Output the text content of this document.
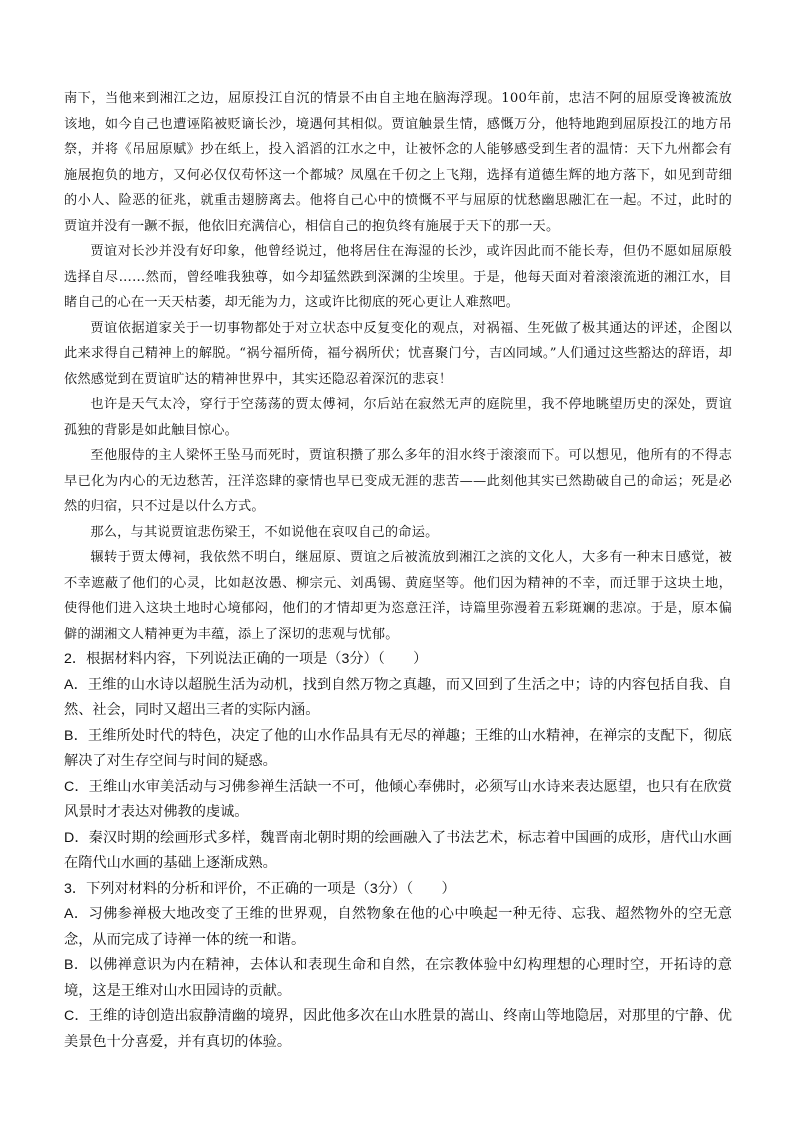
南下，当他来到湘江之边，屈原投江自沉的情景不由自主地在脑海浮现。100年前，忠洁不阿的屈原受谗被流放该地，如今自己也遭诬陷被贬谪长沙，境遇何其相似。贾谊触景生情，感慨万分，他特地跑到屈原投江的地方吊祭，并将《吊屈原赋》抄在纸上，投入滔滔的江水之中，让被怀念的人能够感受到生者的温情：天下九州都会有施展抱负的地方，又何必仅仅苟怀这一个都城？凤凰在千仞之上飞翔，选择有道德生辉的地方落下，如见到苛细的小人、险恶的征兆，就重击翅膀离去。他将自己心中的愤慨不平与屈原的忧愁幽思融汇在一起。不过，此时的贾谊并没有一蹶不振，他依旧充满信心，相信自己的抱负终有施展于天下的那一天。

贾谊对长沙并没有好印象，他曾经说过，他将居住在海湿的长沙，或许因此而不能长寿，但仍不愿如屈原般选择自尽……然而，曾经唯我独尊，如今却猛然跌到深渊的尘埃里。于是，他每天面对着滚滚流逝的湘江水，目睹自己的心在一天天枯萎，却无能为力，这或许比彻底的死心更让人难熬吧。

贾谊依据道家关于一切事物都处于对立状态中反复变化的观点，对祸福、生死做了极其通达的评述，企图以此来求得自己精神上的解脱。“祸兮福所倚，福兮祸所伏；忧喜聚门兮，吉凶同域。”人们通过这些豁达的辞语，却依然感觉到在贾谊旷达的精神世界中，其实还隐忍着深沉的悲哀！

也许是天气太冷，穿行于空荡荡的贾太傅祠，尔后站在寂然无声的庭院里，我不停地眺望历史的深处，贾谊孤独的背影是如此触目惊心。

至他服侍的主人梁怀王坠马而死时，贾谊积攒了那么多年的泪水终于滚滚而下。可以想见，他所有的不得志早已化为内心的无边愁苦，汪洋恣肆的豪情也早已变成无涯的悲苦——此刻他其实已然勘破自己的命运；死是必然的归宿，只不过是以什么方式。

那么，与其说贾谊悲伤梁王，不如说他在哀叹自己的命运。

辗转于贾太傅祠，我依然不明白，继屈原、贾谊之后被流放到湘江之滨的文化人，大多有一种末日感觉，被不幸遮蔽了他们的心灵，比如赵汝愚、柳宗元、刘禹锡、黄庭坚等。他们因为精神的不幸，而迁罪于这块土地，使得他们进入这块土地时心境郁闷，他们的才情却更为恣意汪洋，诗篇里弥漫着五彩斑斓的悲凉。于是，原本偏僻的湖湘文人精神更为丰蕴，添上了深切的悲观与忧郁。

2．根据材料内容，下列说法正确的一项是（3分）（　　）

A．王维的山水诗以超脱生活为动机，找到自然万物之真趣，而又回到了生活之中；诗的内容包括自我、自然、社会，同时又超出三者的实际内涵。

B．王维所处时代的特色，决定了他的山水作品具有无尽的禅趣；王维的山水精神，在禅宗的支配下，彻底解决了对生存空间与时间的疑惑。

C．王维山水审美活动与习佛参禅生活缺一不可，他倾心奉佛时，必须写山水诗来表达愿望，也只有在欣赏风景时才表达对佛教的虔诚。

D．秦汉时期的绘画形式多样，魏晋南北朝时期的绘画融入了书法艺术，标志着中国画的成形，唐代山水画在隋代山水画的基础上逐渐成熟。

3．下列对材料的分析和评价，不正确的一项是（3分）（　　）

A．习佛参禅极大地改变了王维的世界观，自然物象在他的心中唤起一种无待、忘我、超然物外的空无意念，从而完成了诗禅一体的统一和谐。

B．以佛禅意识为内在精神，去体认和表现生命和自然，在宗教体验中幻构理想的心理时空，开拓诗的意境，这是王维对山水田园诗的贡献。

C．王维的诗创造出寂静清幽的境界，因此他多次在山水胜景的嵩山、终南山等地隐居，对那里的宁静、优美景色十分喜爱，并有真切的体验。
